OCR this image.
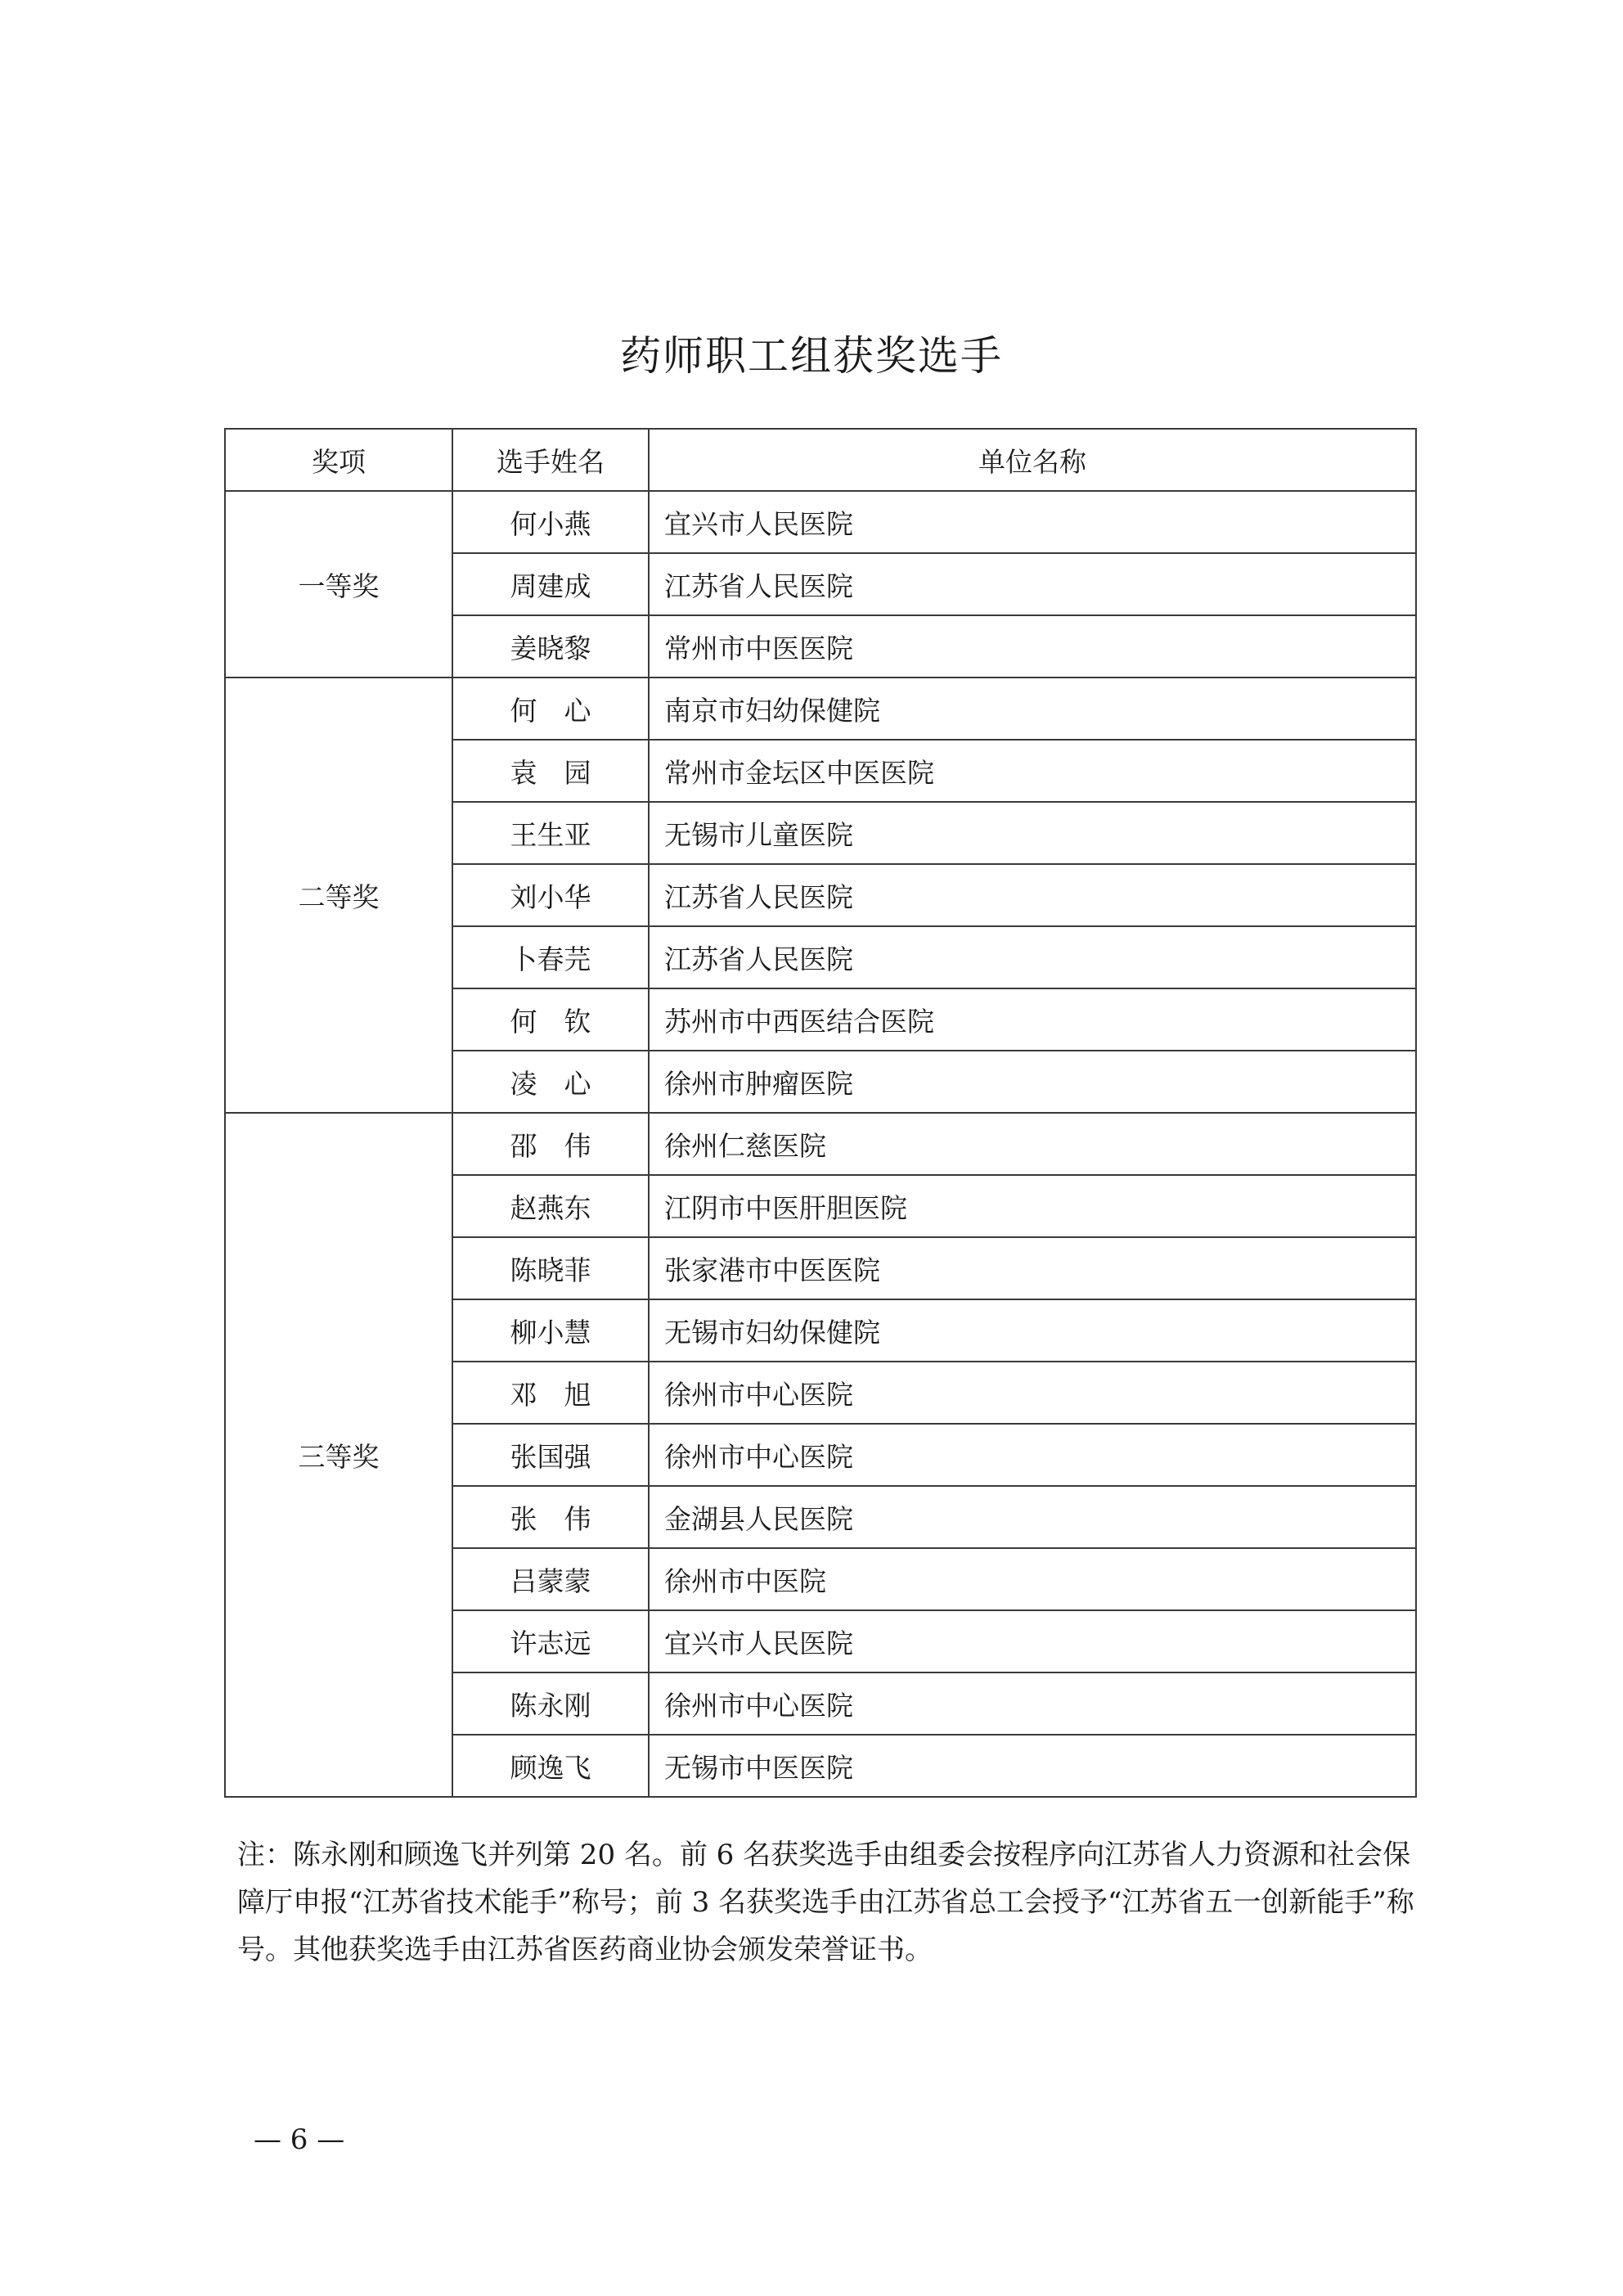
药师职工组获奖选手
奖项	选手姓名	单位名称
一等奖	何小燕	宜兴市人民医院
	周建成	江苏省人民医院
	姜晓黎	常州市中医医院
二等奖	何　心	南京市妇幼保健院
	袁　园	常州市金坛区中医医院
	王生亚	无锡市儿童医院
	刘小华	江苏省人民医院
	卜春芫	江苏省人民医院
	何　钦	苏州市中西医结合医院
	凌　心	徐州市肿瘤医院
三等奖	邵　伟	徐州仁慈医院
	赵燕东	江阴市中医肝胆医院
	陈晓菲	张家港市中医医院
	柳小慧	无锡市妇幼保健院
	邓　旭	徐州市中心医院
	张国强	徐州市中心医院
	张　伟	金湖县人民医院
	吕蒙蒙	徐州市中医院
	许志远	宜兴市人民医院
	陈永刚	徐州市中心医院
	顾逸飞	无锡市中医医院
注：陈永刚和顾逸飞并列第 20 名。前 6 名获奖选手由组委会按程序向江苏省人力资源和社会保障厅申报“江苏省技术能手”称号；前 3 名获奖选手由江苏省总工会授予“江苏省五一创新能手”称号。其他获奖选手由江苏省医药商业协会颁发荣誉证书。
— 6 —
